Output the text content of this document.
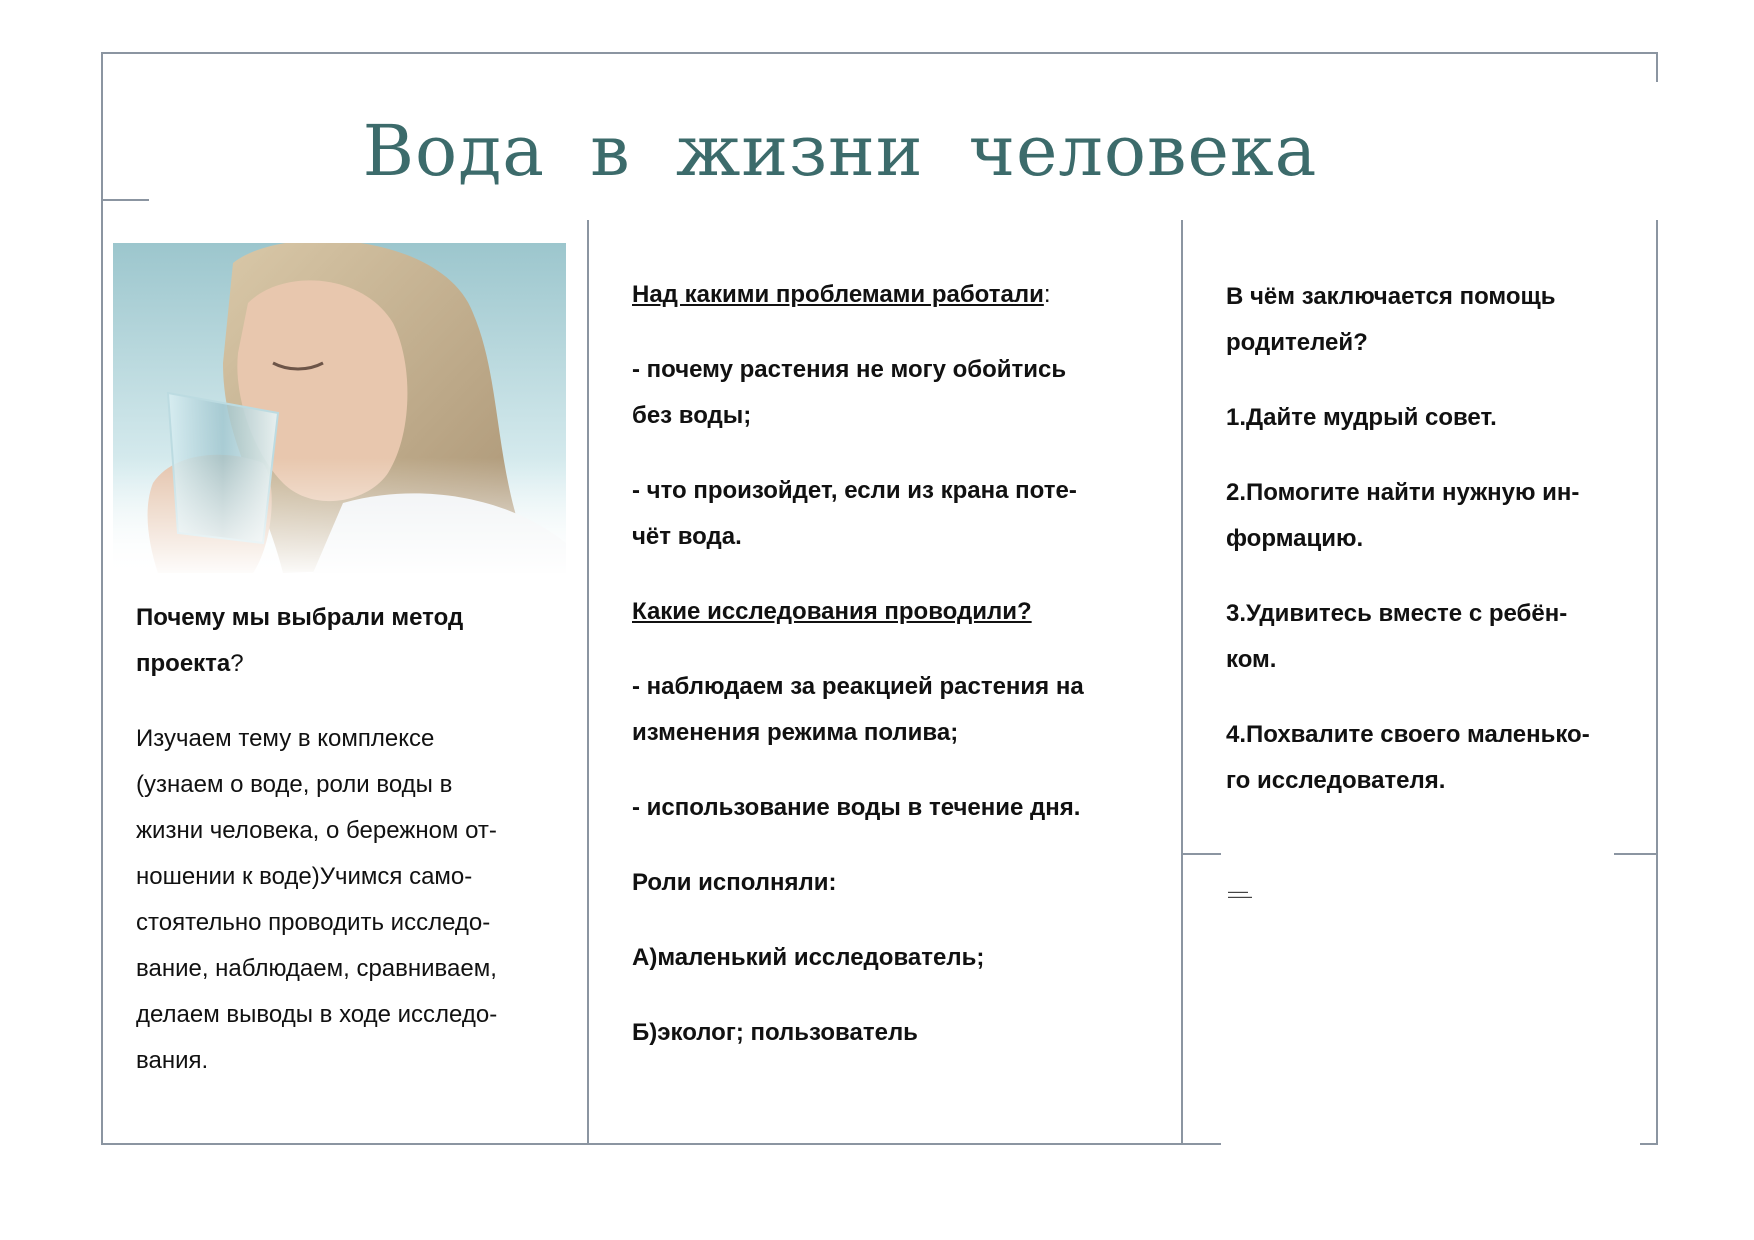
Вода в жизни человека

Почему мы выбрали метод
проекта?

Изучаем тему в комплексе
(узнаем о воде, роли воды в
жизни человека, о бережном от-
ношении к воде)Учимся само-
стоятельно проводить исследо-
вание, наблюдаем, сравниваем,
делаем выводы в ходе исследо-
вания.

Над какими проблемами работали:

- почему растения не могу обойтись
без воды;

- что произойдет, если из крана поте-
чёт вода.

Какие исследования проводили?

- наблюдаем за реакцией растения на
изменения режима полива;

- использование воды в течение дня.

Роли исполняли:

А)маленький исследователь;

Б)эколог; пользователь

В чём заключается помощь
родителей?

1.Дайте мудрый совет.

2.Помогите найти нужную ин-
формацию.

3.Удивитесь вместе с ребён-
ком.

4.Похвалите своего маленько-
го исследователя.

▬▬▬▬▬
▬▬▬▬▬▬
